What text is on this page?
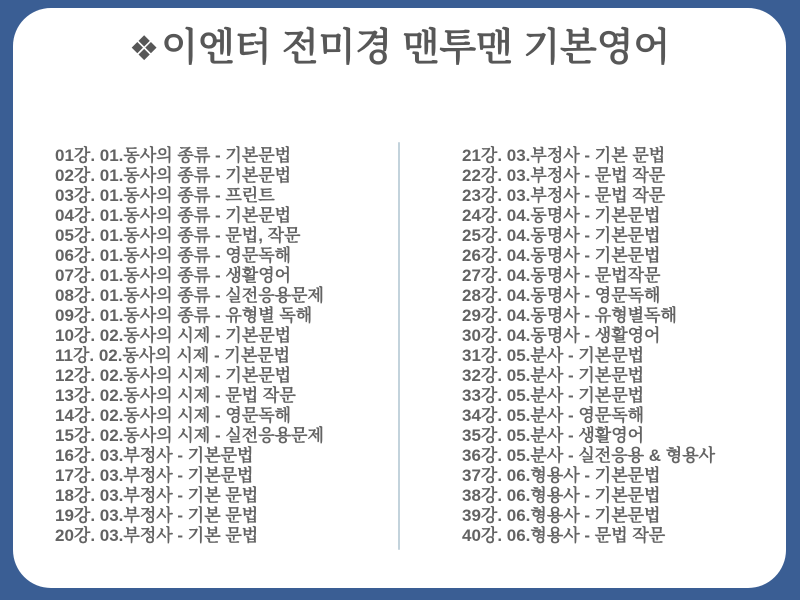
❖이엔터 전미경 맨투맨 기본영어
01강. 01.동사의 종류 - 기본문법
02강. 01.동사의 종류 - 기본문법
03강. 01.동사의 종류 - 프린트
04강. 01.동사의 종류 - 기본문법
05강. 01.동사의 종류 - 문법, 작문
06강. 01.동사의 종류 - 영문독해
07강. 01.동사의 종류 - 생활영어
08강. 01.동사의 종류 - 실전응용문제
09강. 01.동사의 종류 - 유형별 독해
10강. 02.동사의 시제 - 기본문법
11강. 02.동사의 시제 - 기본문법
12강. 02.동사의 시제 - 기본문법
13강. 02.동사의 시제 - 문법 작문
14강. 02.동사의 시제 - 영문독해
15강. 02.동사의 시제 - 실전응용문제
16강. 03.부정사 - 기본문법
17강. 03.부정사 - 기본문법
18강. 03.부정사 - 기본 문법
19강. 03.부정사 - 기본 문법
20강. 03.부정사 - 기본 문법
21강. 03.부정사 - 기본 문법
22강. 03.부정사 - 문법 작문
23강. 03.부정사 - 문법 작문
24강. 04.동명사 - 기본문법
25강. 04.동명사 - 기본문법
26강. 04.동명사 - 기본문법
27강. 04.동명사 - 문법작문
28강. 04.동명사 - 영문독해
29강. 04.동명사 - 유형별독해
30강. 04.동명사 - 생활영어
31강. 05.분사 - 기본문법
32강. 05.분사 - 기본문법
33강. 05.분사 - 기본문법
34강. 05.분사 - 영문독해
35강. 05.분사 - 생활영어
36강. 05.분사 - 실전응용 & 형용사
37강. 06.형용사 - 기본문법
38강. 06.형용사 - 기본문법
39강. 06.형용사 - 기본문법
40강. 06.형용사 - 문법 작문
